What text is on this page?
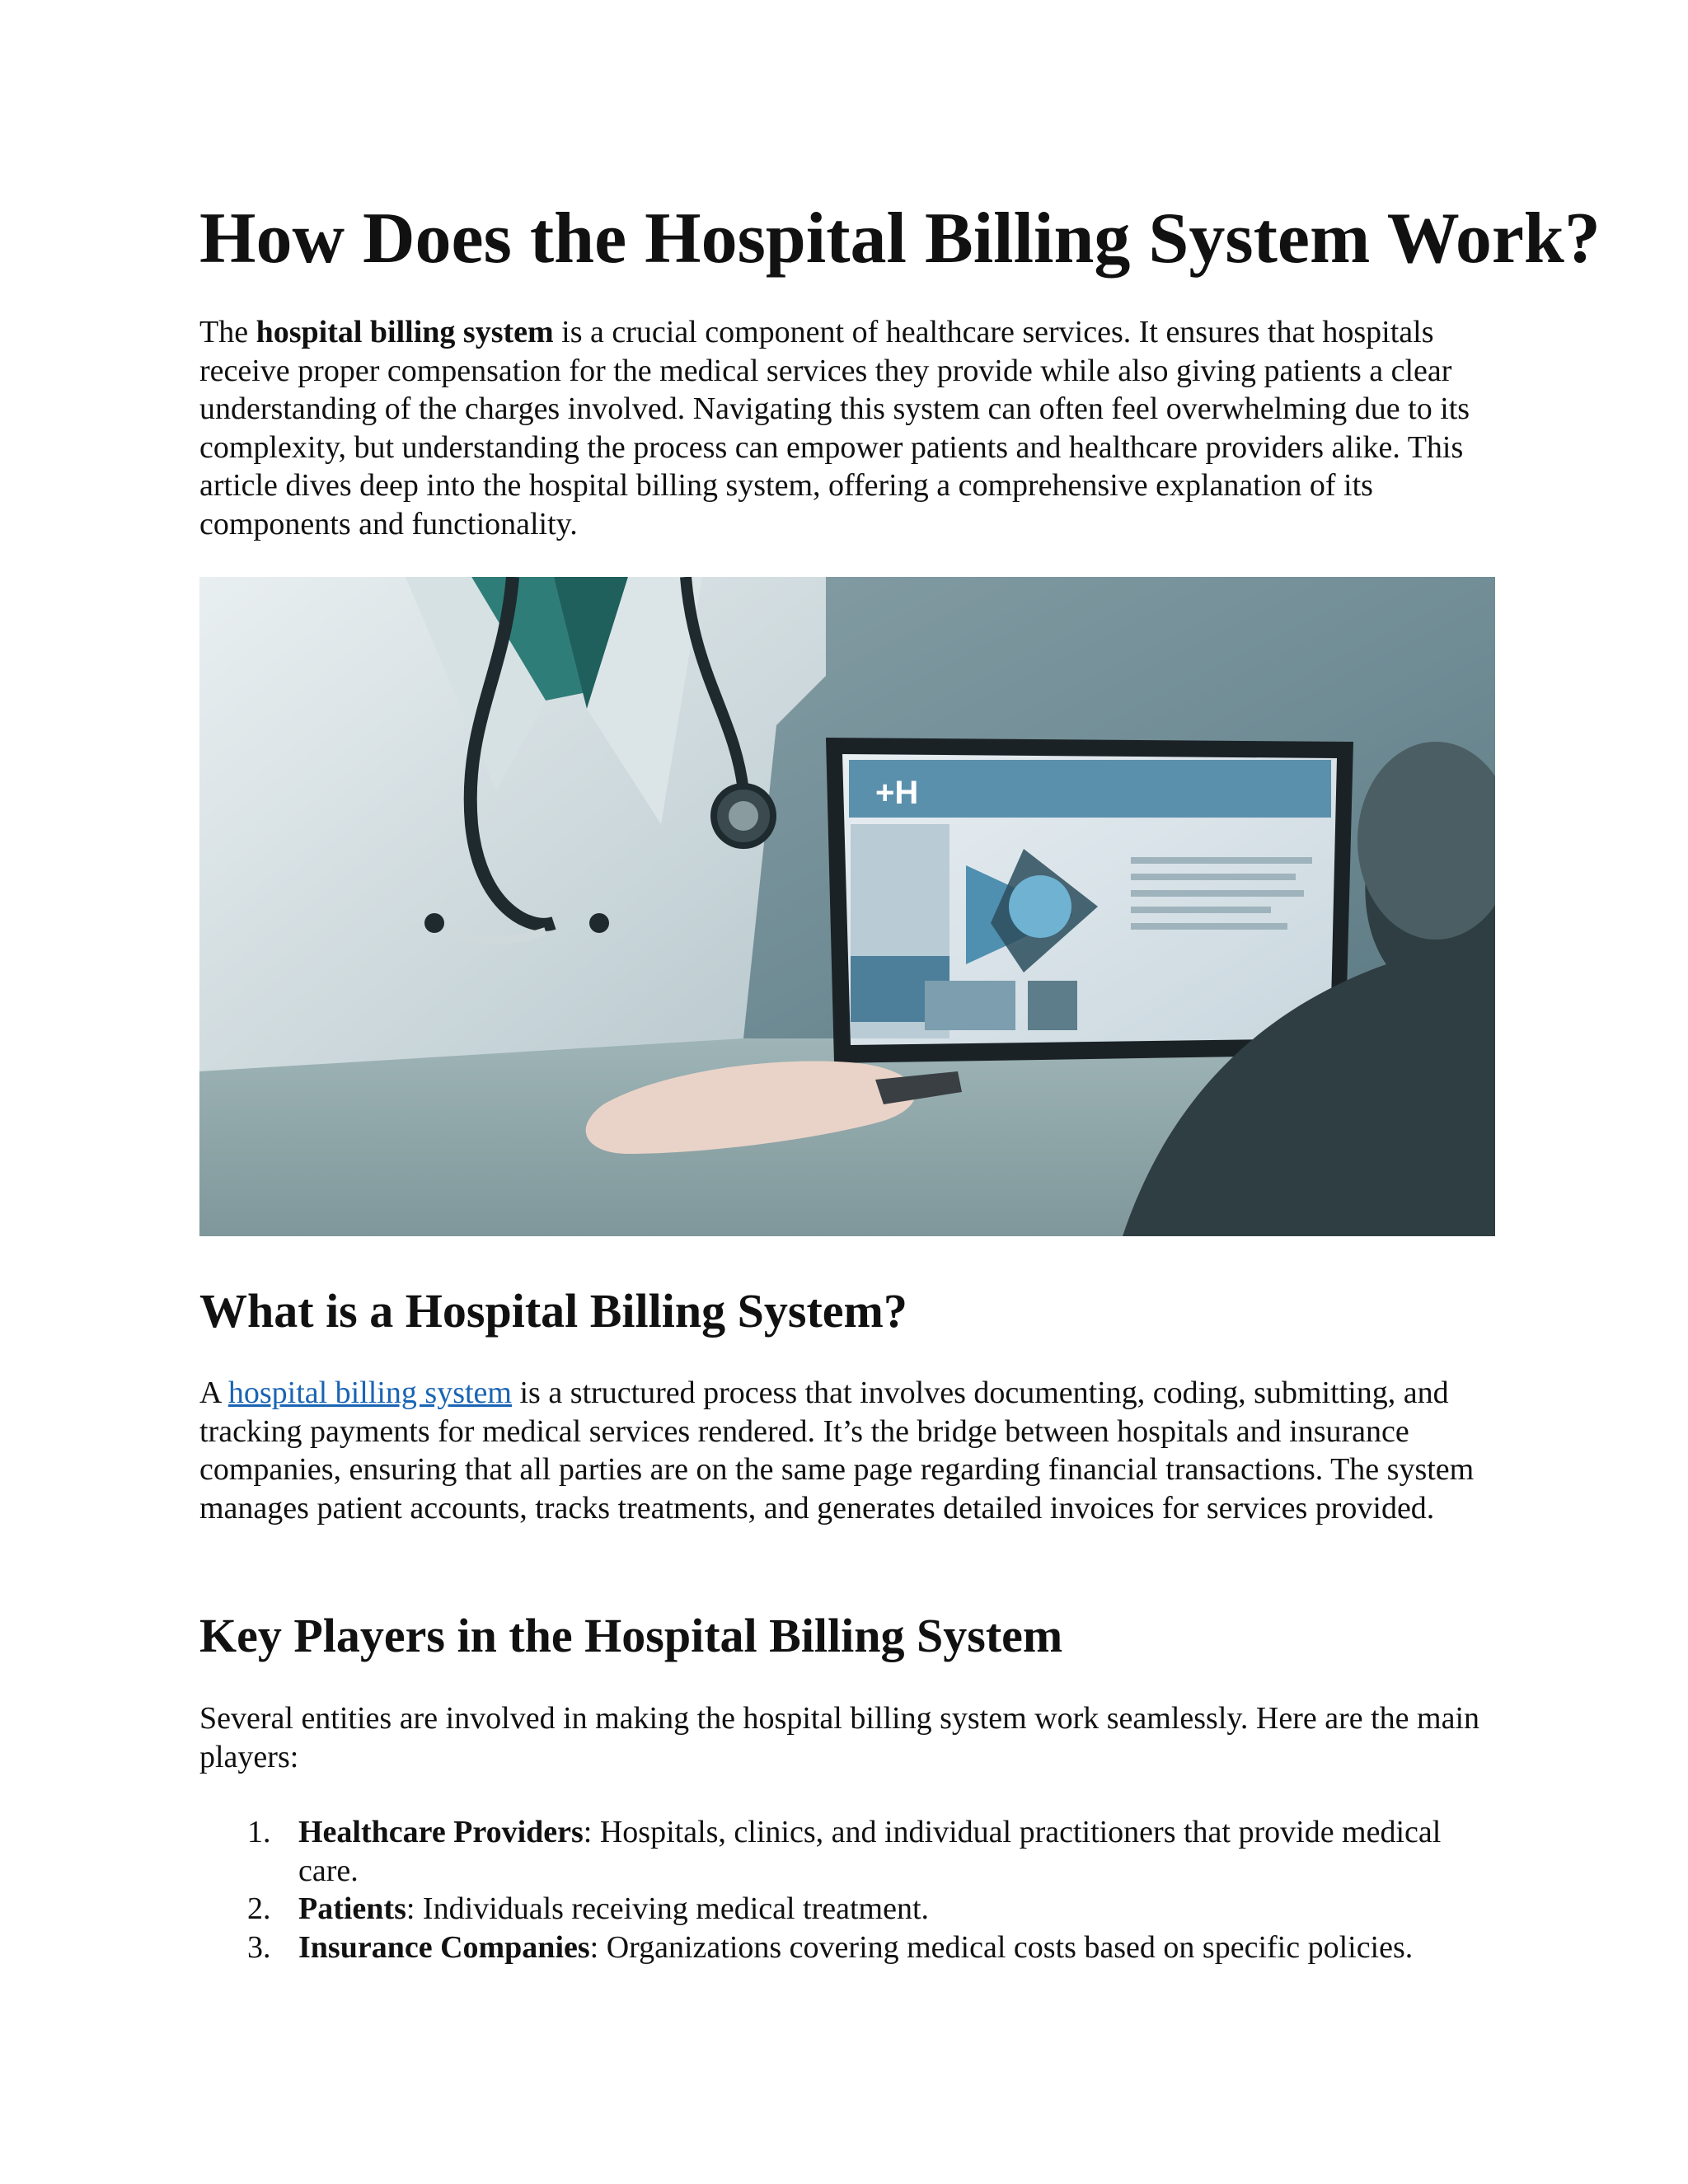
How Does the Hospital Billing System Work?

The hospital billing system is a crucial component of healthcare services. It ensures that hospitals receive proper compensation for the medical services they provide while also giving patients a clear understanding of the charges involved. Navigating this system can often feel overwhelming due to its complexity, but understanding the process can empower patients and healthcare providers alike. This article dives deep into the hospital billing system, offering a comprehensive explanation of its components and functionality.

+H
What is a Hospital Billing System?

A hospital billing system is a structured process that involves documenting, coding, submitting, and tracking payments for medical services rendered. It’s the bridge between hospitals and insurance companies, ensuring that all parties are on the same page regarding financial transactions. The system manages patient accounts, tracks treatments, and generates detailed invoices for services provided.

Key Players in the Hospital Billing System

Several entities are involved in making the hospital billing system work seamlessly. Here are the main players:

1. Healthcare Providers: Hospitals, clinics, and individual practitioners that provide medical care.
2. Patients: Individuals receiving medical treatment.
3. Insurance Companies: Organizations covering medical costs based on specific policies.
